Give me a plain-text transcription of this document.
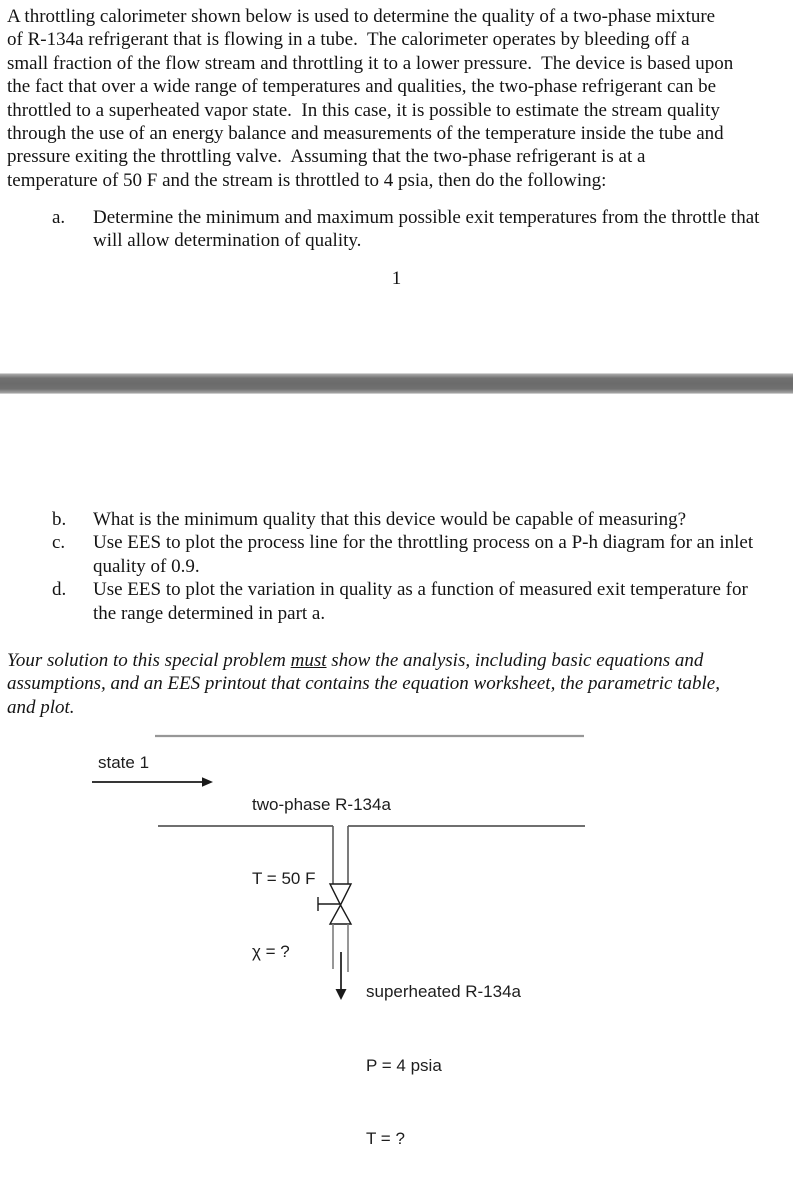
A throttling calorimeter shown below is used to determine the quality of a two-phase mixture
of R-134a refrigerant that is flowing in a tube.  The calorimeter operates by bleeding off a
small fraction of the flow stream and throttling it to a lower pressure.  The device is based upon
the fact that over a wide range of temperatures and qualities, the two-phase refrigerant can be
throttled to a superheated vapor state.  In this case, it is possible to estimate the stream quality
through the use of an energy balance and measurements of the temperature inside the tube and
pressure exiting the throttling valve.  Assuming that the two-phase refrigerant is at a
temperature of 50 F and the stream is throttled to 4 psia, then do the following:
a.	Determine the minimum and maximum possible exit temperatures from the throttle that
will allow determination of quality.
1
b.	What is the minimum quality that this device would be capable of measuring?
c.	Use EES to plot the process line for the throttling process on a P-h diagram for an inlet
quality of 0.9.
d.	Use EES to plot the variation in quality as a function of measured exit temperature for
the range determined in part a.
Your solution to this special problem must show the analysis, including basic equations and
assumptions, and an EES printout that contains the equation worksheet, the parametric table,
and plot.
state 1

two-phase R-134a

T = 50 F

χ = ?

superheated R-134a

P = 4 psia

T = ?
